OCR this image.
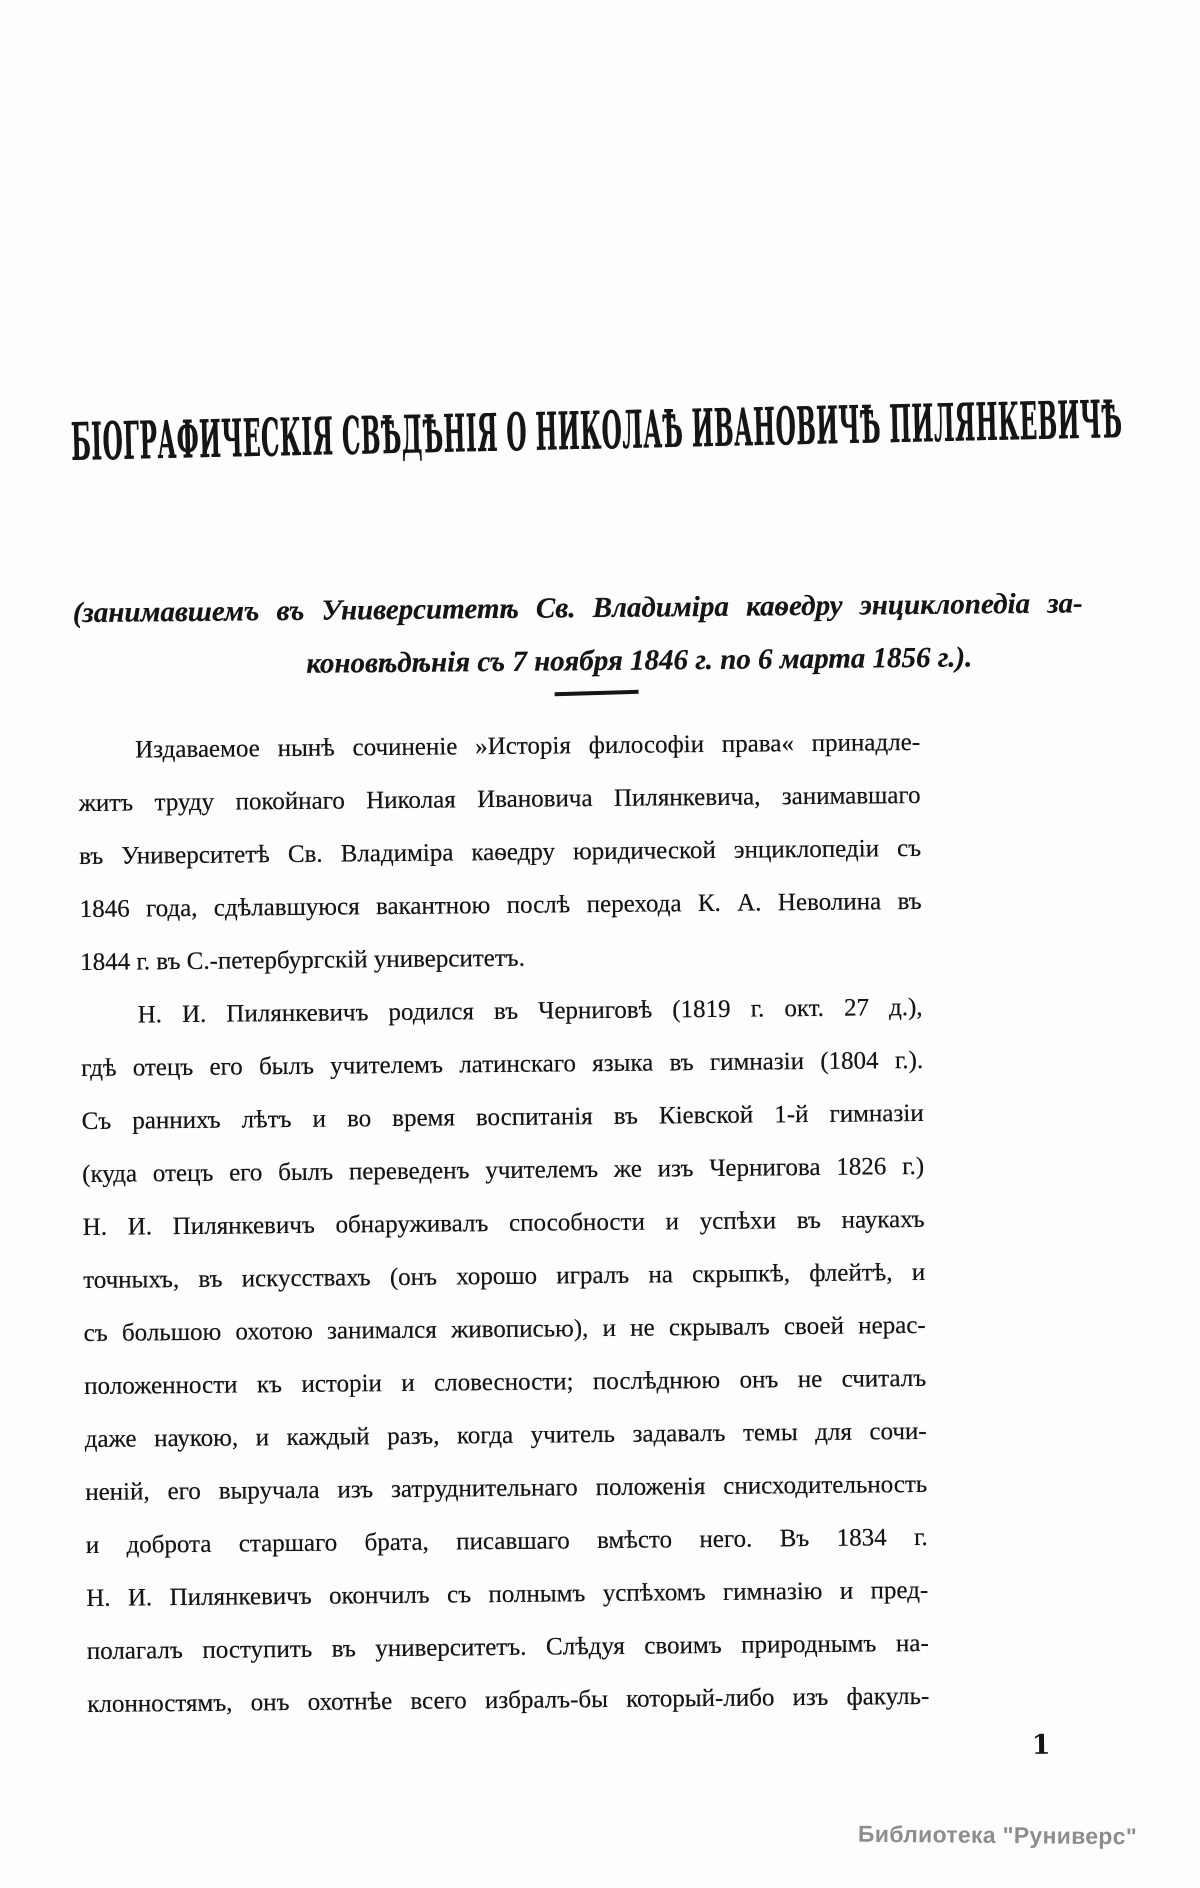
БІОГРАФИЧЕСКІЯ СВѢДѢНІЯ О НИКОЛАѢ ИВАНОВИЧѢ ПИЛЯНКЕВИЧѢ
(занимавшемъ въ Университетѣ Св. Владиміра каѳедру энциклопедіа за-
коновѣдѣнія съ 7 ноября 1846 г. по 6 марта 1856 г.).
Издаваемое нынѣ сочиненіе »Исторія философіи права« принадле-
житъ труду покойнаго Николая Ивановича Пилянкевича, занимавшаго
въ Университетѣ Св. Владиміра каѳедру юридической энциклопедіи съ
1846 года, сдѣлавшуюся вакантною послѣ перехода К. А. Неволина въ
1844 г. въ С.-петербургскій университетъ.
Н. И. Пилянкевичъ родился въ Черниговѣ (1819 г. окт. 27 д.),
гдѣ отецъ его былъ учителемъ латинскаго языка въ гимназіи (1804 г.).
Съ раннихъ лѣтъ и во время воспитанія въ Кіевской 1-й гимназіи
(куда отецъ его былъ переведенъ учителемъ же изъ Чернигова 1826 г.)
Н. И. Пилянкевичъ обнаруживалъ способности и успѣхи въ наукахъ
точныхъ, въ искусствахъ (онъ хорошо игралъ на скрыпкѣ, флейтѣ, и
съ большою охотою занимался живописью), и не скрывалъ своей нерас-
положенности къ исторіи и словесности; послѣднюю онъ не считалъ
даже наукою, и каждый разъ, когда учитель задавалъ темы для сочи-
неній, его выручала изъ затруднительнаго положенія снисходительность
и доброта старшаго брата, писавшаго вмѣсто него. Въ 1834 г.
Н. И. Пилянкевичъ окончилъ съ полнымъ успѣхомъ гимназію и пред-
полагалъ поступить въ университетъ. Слѣдуя своимъ природнымъ на-
клонностямъ, онъ охотнѣе всего избралъ-бы который-либо изъ факуль-
1
Библиотека "Руниверс"
